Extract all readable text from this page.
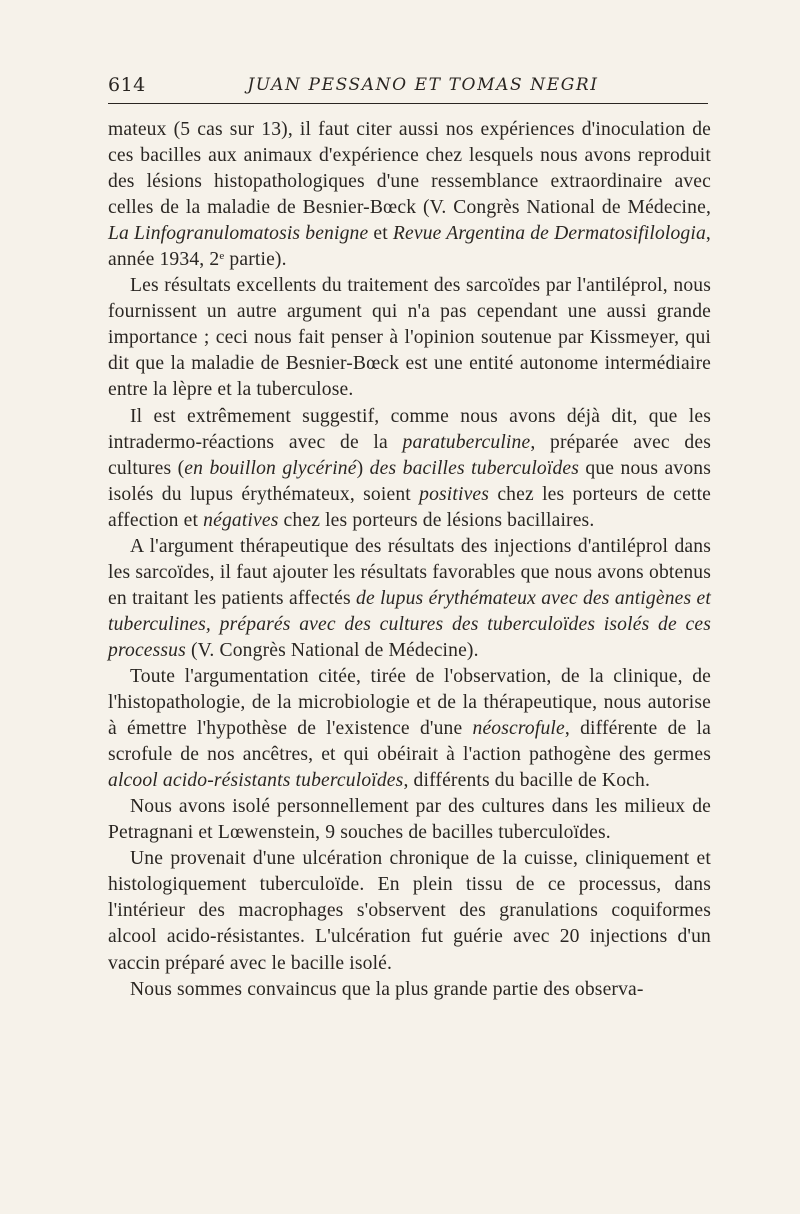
614	JUAN PESSANO ET TOMAS NEGRI

mateux (5 cas sur 13), il faut citer aussi nos expériences d'inoculation de ces bacilles aux animaux d'expérience chez lesquels nous avons reproduit des lésions histopathologiques d'une ressemblance extraordinaire avec celles de la maladie de Besnier-Bœck (V. Congrès National de Médecine, La Linfogranulomatosis benigne et Revue Argentina de Dermatosifilologia, année 1934, 2e partie).

Les résultats excellents du traitement des sarcoïdes par l'antiléprol, nous fournissent un autre argument qui n'a pas cependant une aussi grande importance ; ceci nous fait penser à l'opinion soutenue par Kissmeyer, qui dit que la maladie de Besnier-Bœck est une entité autonome intermédiaire entre la lèpre et la tuberculose.

Il est extrêmement suggestif, comme nous avons déjà dit, que les intradermo-réactions avec de la paratuberculine, préparée avec des cultures (en bouillon glycériné) des bacilles tuberculoïdes que nous avons isolés du lupus érythémateux, soient positives chez les porteurs de cette affection et négatives chez les porteurs de lésions bacillaires.

A l'argument thérapeutique des résultats des injections d'antiléprol dans les sarcoïdes, il faut ajouter les résultats favorables que nous avons obtenus en traitant les patients affectés de lupus érythémateux avec des antigènes et tuberculines, préparés avec des cultures des tuberculoïdes isolés de ces processus (V. Congrès National de Médecine).

Toute l'argumentation citée, tirée de l'observation, de la clinique, de l'histopathologie, de la microbiologie et de la thérapeutique, nous autorise à émettre l'hypothèse de l'existence d'une néoscrofule, différente de la scrofule de nos ancêtres, et qui obéirait à l'action pathogène des germes alcool acido-résistants tuberculoïdes, différents du bacille de Koch.

Nous avons isolé personnellement par des cultures dans les milieux de Petragnani et Lœwenstein, 9 souches de bacilles tuberculoïdes.

Une provenait d'une ulcération chronique de la cuisse, cliniquement et histologiquement tuberculoïde. En plein tissu de ce processus, dans l'intérieur des macrophages s'observent des granulations coquiformes alcool acido-résistantes. L'ulcération fut guérie avec 20 injections d'un vaccin préparé avec le bacille isolé.

Nous sommes convaincus que la plus grande partie des observa-
